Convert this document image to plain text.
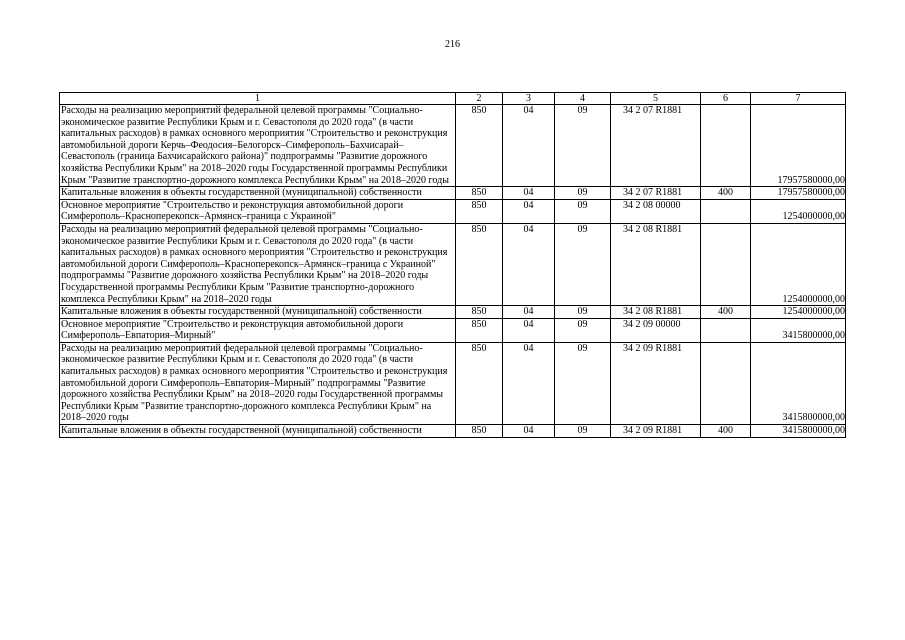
216
1	2	3	4	5	6	7
Расходы на реализацию мероприятий федеральной целевой программы "Социально-экономическое развитие Республики Крым и г. Севастополя до 2020 года" (в части капитальных расходов) в рамках основного мероприятия "Строительство и реконструкция автомобильной дороги Керчь–Феодосия–Белогорск–Симферополь–Бахчисарай–Севастополь (граница Бахчисарайского района)" подпрограммы "Развитие дорожного хозяйства Республики Крым" на 2018–2020 годы Государственной программы Республики Крым "Развитие транспортно-дорожного комплекса Республики Крым" на 2018–2020 годы	850	04	09	34 2 07 R1881		17957580000,00
Капитальные вложения в объекты государственной (муниципальной) собственности	850	04	09	34 2 07 R1881	400	17957580000,00
Основное мероприятие "Строительство и реконструкция автомобильной дороги Симферополь–Красноперекопск–Армянск–граница с Украиной"	850	04	09	34 2 08 00000		1254000000,00
Расходы на реализацию мероприятий федеральной целевой программы "Социально-экономическое развитие Республики Крым и г. Севастополя до 2020 года" (в части капитальных расходов) в рамках основного мероприятия "Строительство и реконструкция автомобильной дороги Симферополь–Красноперекопск–Армянск–граница с Украиной" подпрограммы "Развитие дорожного хозяйства Республики Крым" на 2018–2020 годы Государственной программы Республики Крым "Развитие транспортно-дорожного комплекса Республики Крым" на 2018–2020 годы	850	04	09	34 2 08 R1881		1254000000,00
Капитальные вложения в объекты государственной (муниципальной) собственности	850	04	09	34 2 08 R1881	400	1254000000,00
Основное мероприятие "Строительство и реконструкция автомобильной дороги Симферополь–Евпатория–Мирный"	850	04	09	34 2 09 00000		3415800000,00
Расходы на реализацию мероприятий федеральной целевой программы "Социально-экономическое развитие Республики Крым и г. Севастополя до 2020 года" (в части капитальных расходов) в рамках основного мероприятия "Строительство и реконструкция автомобильной дороги Симферополь–Евпатория–Мирный" подпрограммы "Развитие дорожного хозяйства Республики Крым" на 2018–2020 годы Государственной программы Республики Крым "Развитие транспортно-дорожного комплекса Республики Крым" на 2018–2020 годы	850	04	09	34 2 09 R1881		3415800000,00
Капитальные вложения в объекты государственной (муниципальной) собственности	850	04	09	34 2 09 R1881	400	3415800000,00
